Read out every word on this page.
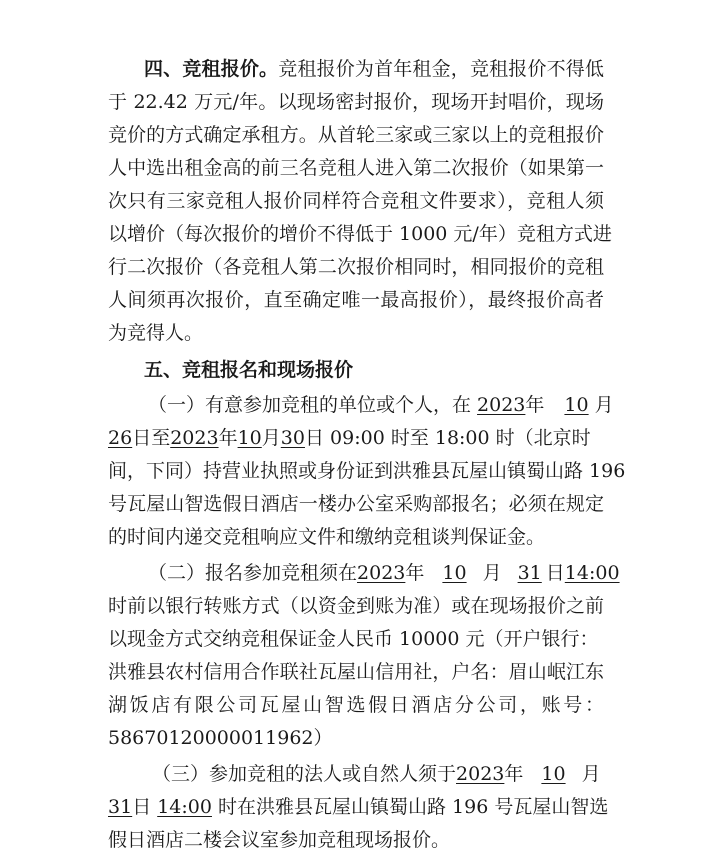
四、竞租报价。竞租报价为首年租金，竞租报价不得低
于 22.42 万元/年。以现场密封报价，现场开封唱价，现场
竞价的方式确定承租方。从首轮三家或三家以上的竞租报价
人中选出租金高的前三名竞租人进入第二次报价（如果第一
次只有三家竞租人报价同样符合竞租文件要求），竞租人须
以增价（每次报价的增价不得低于 1000 元/年）竞租方式进
行二次报价（各竞租人第二次报价相同时，相同报价的竞租
人间须再次报价，直至确定唯一最高报价），最终报价高者
为竞得人。
五、竞租报名和现场报价
（一）有意参加竞租的单位或个人，在 2023年 10 月
26日至2023年10月30日 09:00 时至 18:00 时（北京时
间，下同）持营业执照或身份证到洪雅县瓦屋山镇蜀山路 196
号瓦屋山智选假日酒店一楼办公室采购部报名；必须在规定
的时间内递交竞租响应文件和缴纳竞租谈判保证金。
（二）报名参加竞租须在2023年 10 月 31 日14:00
时前以银行转账方式（以资金到账为准）或在现场报价之前
以现金方式交纳竞租保证金人民币 10000 元（开户银行：
洪雅县农村信用合作联社瓦屋山信用社，户名：眉山岷江东
湖饭店有限公司瓦屋山智选假日酒店分公司，账号：
58670120000011962）
（三）参加竞租的法人或自然人须于2023年 10 月
31日 14:00 时在洪雅县瓦屋山镇蜀山路 196 号瓦屋山智选
假日酒店二楼会议室参加竞租现场报价。
